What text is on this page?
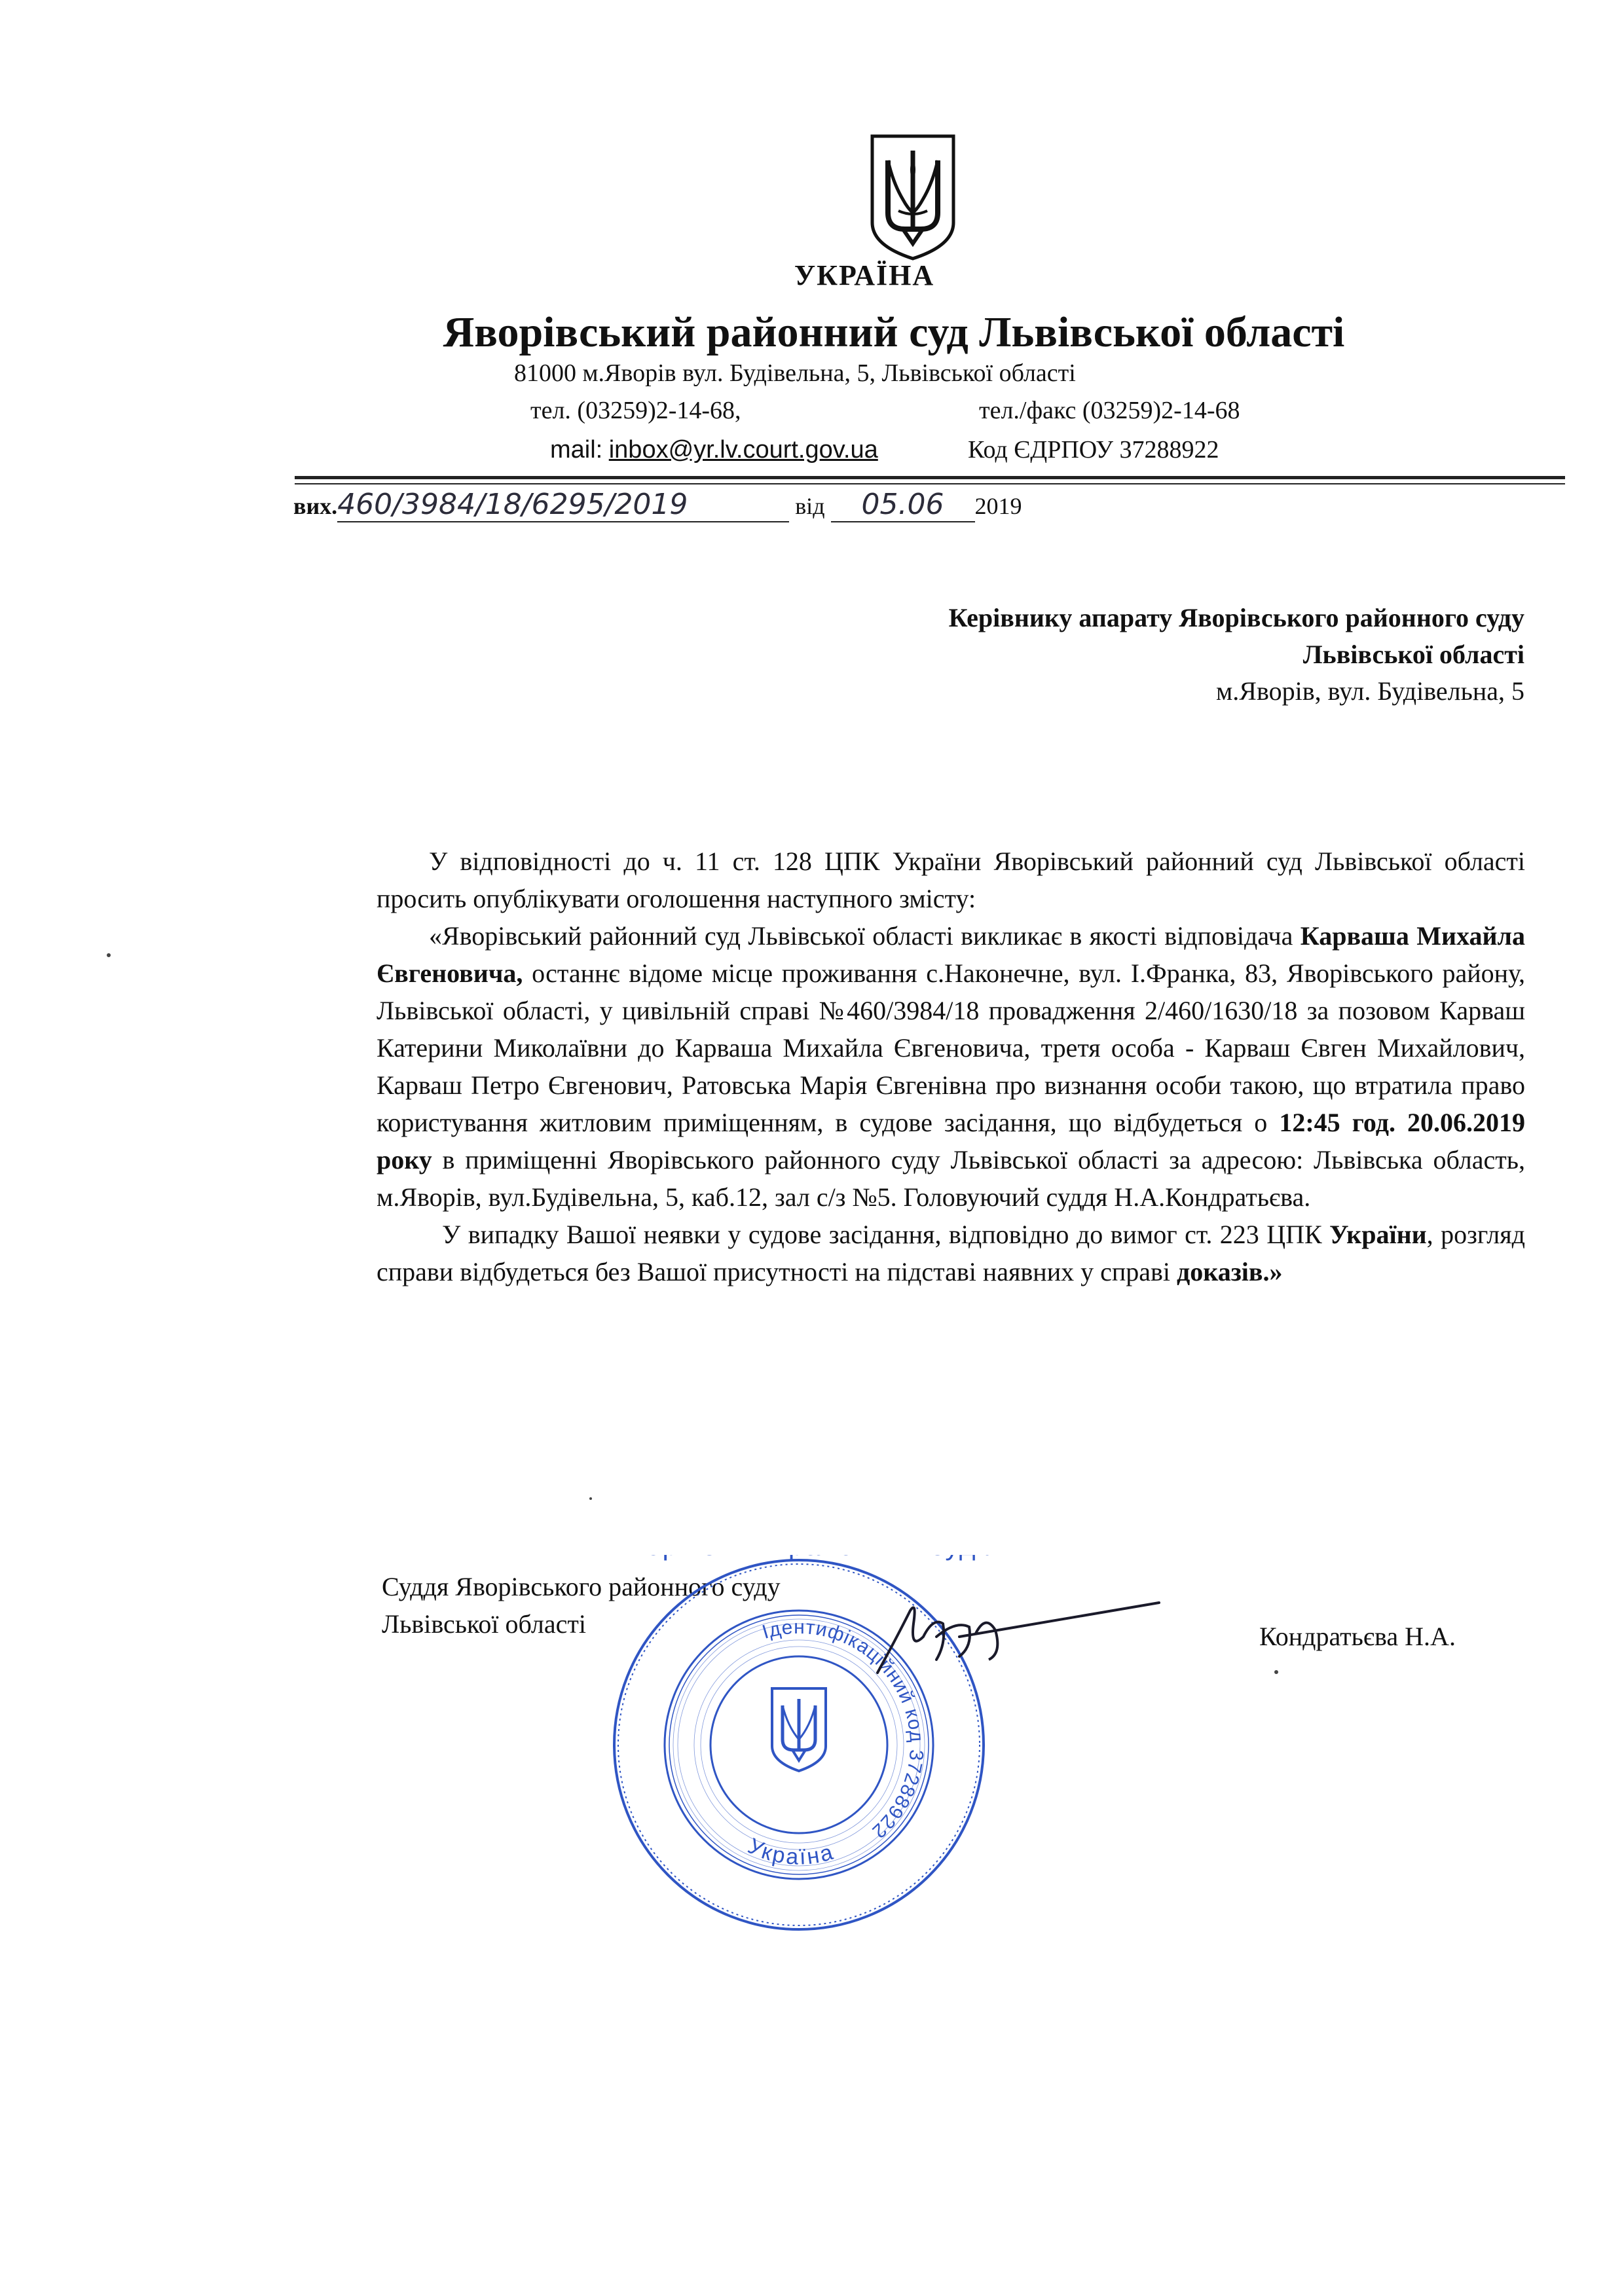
УКРАЇНА
Яворівський районний суд Львівської області
81000 м.Яворів вул. Будівельна, 5, Львівської області
тел. (03259)2-14-68,	тел./факс (03259)2-14-68
mail: inbox@yr.lv.court.gov.ua	Код ЄДРПОУ 37288922
вих.460/3984/18/6295/2019	від 05.06 2019
Керівнику апарату Яворівського районного суду
Львівської області
м.Яворів, вул. Будівельна, 5

У відповідності до ч. 11 ст. 128 ЦПК України Яворівський районний суд Львівської області просить опублікувати оголошення наступного змісту:

«Яворівський районний суд Львівської області викликає в якості відповідача Карваша Михайла Євгеновича, останнє відоме місце проживання с.Наконечне, вул. І.Франка, 83, Яворівського району, Львівської області, у цивільній справі №460/3984/18 провадження 2/460/1630/18 за позовом Карваш Катерини Миколаївни до Карваша Михайла Євгеновича, третя особа - Карваш Євген Михайлович, Карваш Петро Євгенович, Ратовська Марія Євгенівна про визнання особи такою, що втратила право користування житловим приміщенням, в судове засідання, що відбудеться о 12:45 год. 20.06.2019 року в приміщенні Яворівського районного суду Львівської області за адресою: Львівська область, м.Яворів, вул.Будівельна, 5, каб.12, зал с/з №5. Головуючий суддя Н.А.Кондратьєва.

У випадку Вашої неявки у судове засідання, відповідно до вимог ст. 223 ЦПК України, розгляд справи відбудеться без Вашої присутності на підставі наявних у справі доказів.»

Суддя Яворівського районного суду
Львівської області	Кондратьєва Н.А.
Ідентифікаційний код 37288922
Україна
